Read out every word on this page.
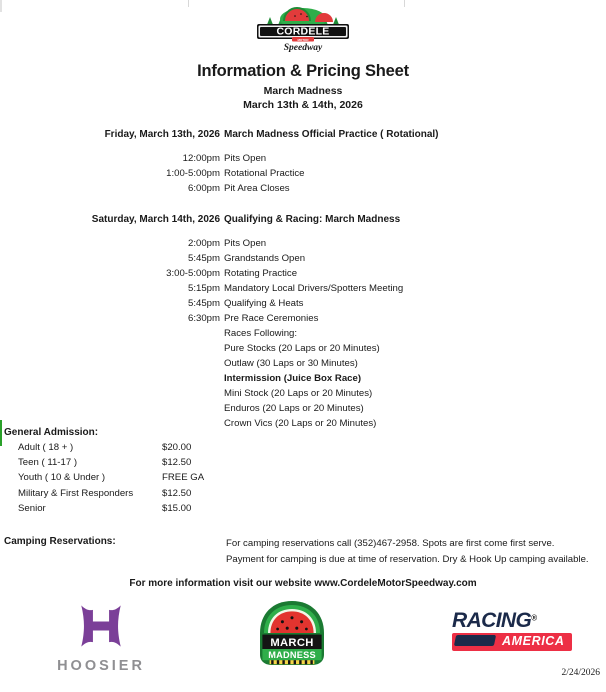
CORDELE
MOTOR
Speedway
Information & Pricing Sheet
March Madness
March 13th & 14th, 2026
Friday, March 13th, 2026 March Madness Official Practice ( Rotational)
12:00pm Pits Open
1:00-5:00pm Rotational Practice
6:00pm Pit Area Closes
Saturday, March 14th, 2026 Qualifying & Racing: March Madness
2:00pm Pits Open
5:45pm Grandstands Open
3:00-5:00pm Rotating Practice
5:15pm Mandatory Local Drivers/Spotters Meeting
5:45pm Qualifying & Heats
6:30pm Pre Race Ceremonies
Races Following:
Pure Stocks (20 Laps or 20 Minutes)
Outlaw (30 Laps or 30 Minutes)
Intermission (Juice Box Race)
Mini Stock (20 Laps or 20 Minutes)
Enduros (20 Laps or 20 Minutes)
Crown Vics (20 Laps or 20 Minutes)
General Admission:
Adult ( 18 + )	$20.00
Teen ( 11-17 )	$12.50
Youth ( 10 & Under )	FREE GA
Military & First Responders	$12.50
Senior	$15.00
Camping Reservations:	For camping reservations call (352)467-2958. Spots are first come first serve.
Payment for camping is due at time of reservation. Dry & Hook Up camping available.
For more information visit our website www.CordeleMotorSpeedway.com
HOOSIER
MARCH
MADNESS
RACING®
AMERICA
2/24/2026
